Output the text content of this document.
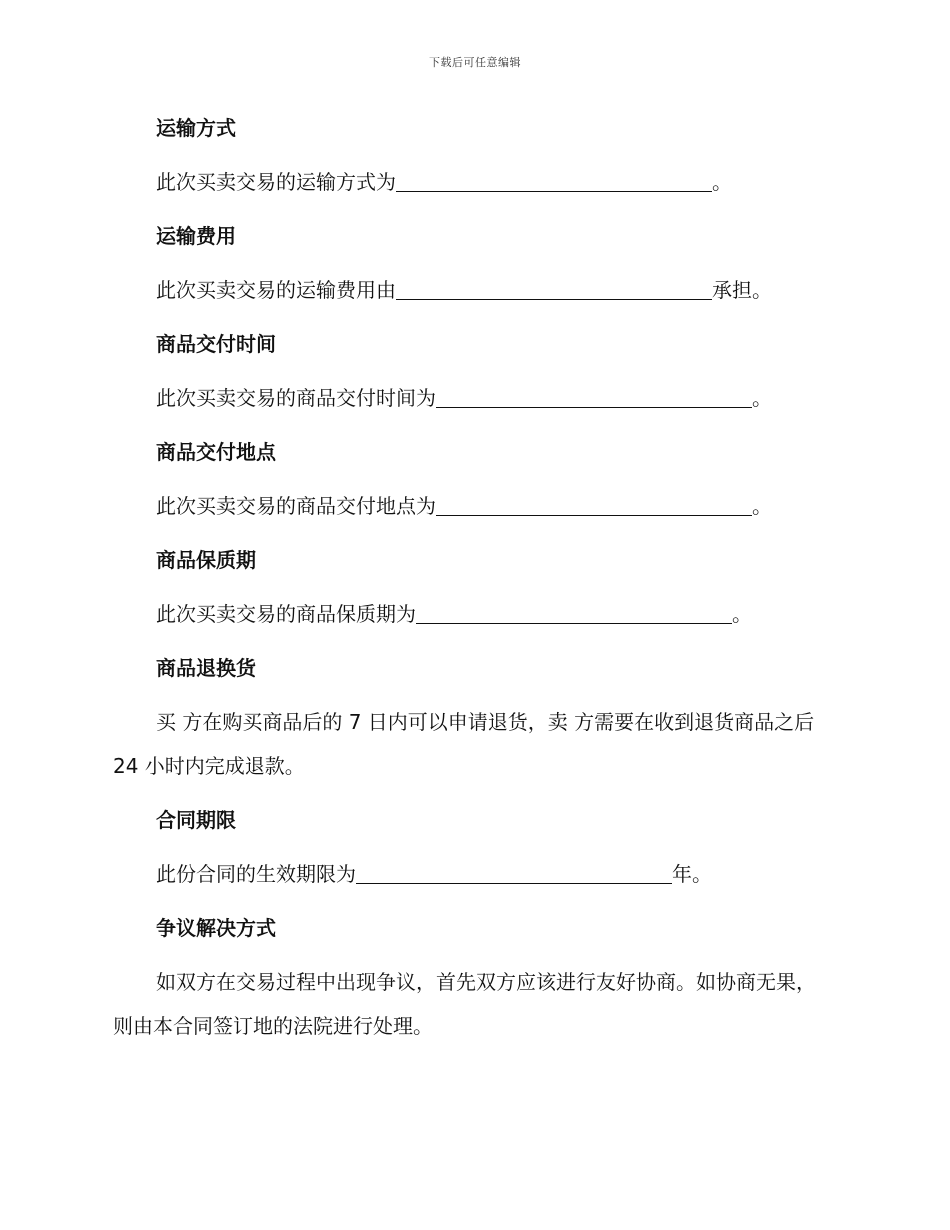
下载后可任意编辑
运输方式
此次买卖交易的运输方式为	。
运输费用
此次买卖交易的运输费用由	承担。
商品交付时间
此次买卖交易的商品交付时间为	。
商品交付地点
此次买卖交易的商品交付地点为	。
商品保质期
此次买卖交易的商品保质期为	。
商品退换货
买 方在购买商品后的 7 日内可以申请退货，卖 方需要在收到退货商品之后 24 小时内完成退款。
合同期限
此份合同的生效期限为	年。
争议解决方式
如双方在交易过程中出现争议，首先双方应该进行友好协商。如协商无果，则由本合同签订地的法院进行处理。
